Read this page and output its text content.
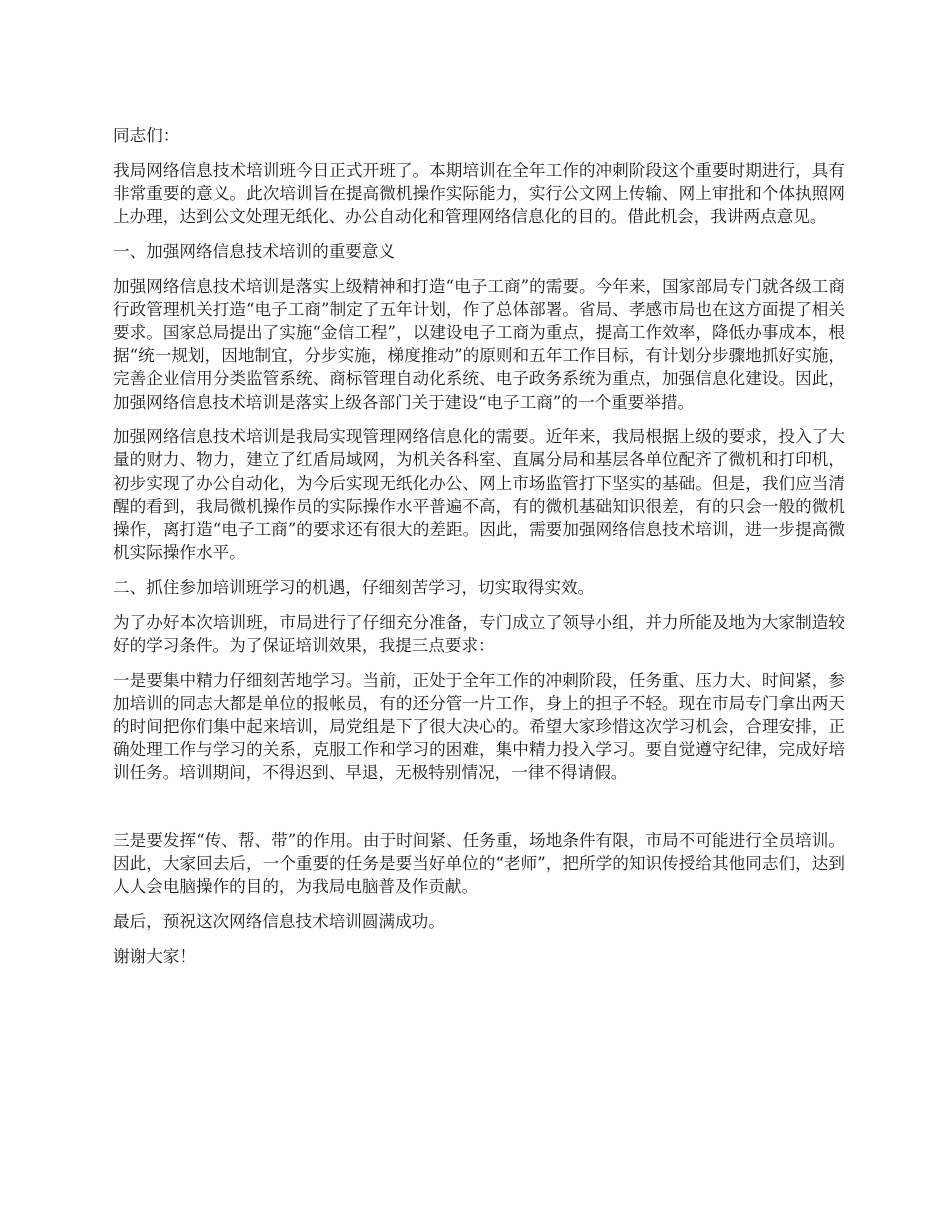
同志们：

我局网络信息技术培训班今日正式开班了。本期培训在全年工作的冲刺阶段这个重要时期进行，具有非常重要的意义。此次培训旨在提高微机操作实际能力，实行公文网上传输、网上审批和个体执照网上办理，达到公文处理无纸化、办公自动化和管理网络信息化的目的。借此机会，我讲两点意见。

一、加强网络信息技术培训的重要意义

加强网络信息技术培训是落实上级精神和打造“电子工商”的需要。今年来，国家部局专门就各级工商行政管理机关打造“电子工商”制定了五年计划，作了总体部署。省局、孝感市局也在这方面提了相关要求。国家总局提出了实施“金信工程”，以建设电子工商为重点，提高工作效率，降低办事成本，根据“统一规划，因地制宜，分步实施，梯度推动”的原则和五年工作目标，有计划分步骤地抓好实施，完善企业信用分类监管系统、商标管理自动化系统、电子政务系统为重点，加强信息化建设。因此，加强网络信息技术培训是落实上级各部门关于建设“电子工商”的一个重要举措。

加强网络信息技术培训是我局实现管理网络信息化的需要。近年来，我局根据上级的要求，投入了大量的财力、物力，建立了红盾局域网，为机关各科室、直属分局和基层各单位配齐了微机和打印机，初步实现了办公自动化，为今后实现无纸化办公、网上市场监管打下坚实的基础。但是，我们应当清醒的看到，我局微机操作员的实际操作水平普遍不高，有的微机基础知识很差，有的只会一般的微机操作，离打造“电子工商”的要求还有很大的差距。因此，需要加强网络信息技术培训，进一步提高微机实际操作水平。

二、抓住参加培训班学习的机遇，仔细刻苦学习，切实取得实效。

为了办好本次培训班，市局进行了仔细充分准备，专门成立了领导小组，并力所能及地为大家制造较好的学习条件。为了保证培训效果，我提三点要求：

一是要集中精力仔细刻苦地学习。当前，正处于全年工作的冲刺阶段，任务重、压力大、时间紧，参加培训的同志大都是单位的报帐员，有的还分管一片工作，身上的担子不轻。现在市局专门拿出两天的时间把你们集中起来培训，局党组是下了很大决心的。希望大家珍惜这次学习机会，合理安排，正确处理工作与学习的关系，克服工作和学习的困难，集中精力投入学习。要自觉遵守纪律，完成好培训任务。培训期间，不得迟到、早退，无极特别情况，一律不得请假。

三是要发挥“传、帮、带”的作用。由于时间紧、任务重，场地条件有限，市局不可能进行全员培训。因此，大家回去后，一个重要的任务是要当好单位的“老师”，把所学的知识传授给其他同志们，达到人人会电脑操作的目的，为我局电脑普及作贡献。

最后，预祝这次网络信息技术培训圆满成功。

谢谢大家！
